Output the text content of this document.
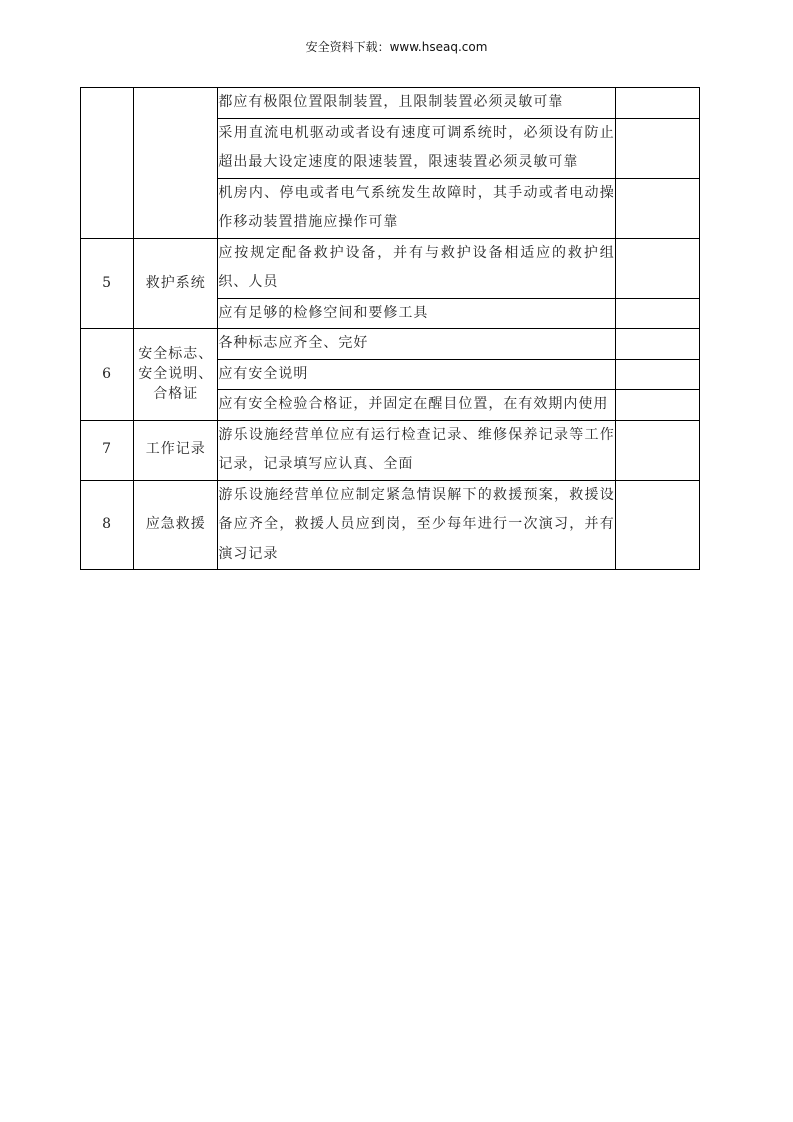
安全资料下载：www.hseaq.com
		都应有极限位置限制装置，且限制装置必须灵敏可靠	
		采用直流电机驱动或者设有速度可调系统时，必须设有防止超出最大设定速度的限速装置，限速装置必须灵敏可靠	
		机房内、停电或者电气系统发生故障时，其手动或者电动操作移动装置措施应操作可靠	
5	救护系统	应按规定配备救护设备，并有与救护设备相适应的救护组织、人员	
		应有足够的检修空间和要修工具	
6	安全标志、安全说明、合格证	各种标志应齐全、完好	
		应有安全说明	
		应有安全检验合格证，并固定在醒目位置，在有效期内使用	
7	工作记录	游乐设施经营单位应有运行检查记录、维修保养记录等工作记录，记录填写应认真、全面	
8	应急救援	游乐设施经营单位应制定紧急情误解下的救援预案，救援设备应齐全，救援人员应到岗，至少每年进行一次演习，并有演习记录	
